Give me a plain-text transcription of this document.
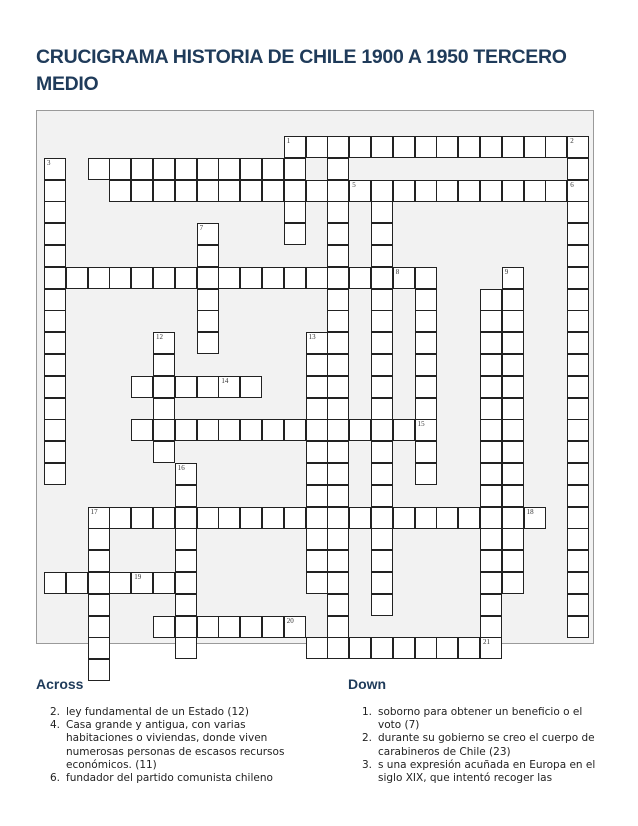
CRUCIGRAMA HISTORIA DE CHILE 1900 A 1950 TERCERO MEDIO
1	2
5	6
8
14
15
17	18
19
20
21
3
7
9
12	13
16
Across
2. ley fundamental de un Estado (12)
4. Casa grande y antigua, con varias habitaciones o viviendas, donde viven numerosas personas de escasos recursos económicos. (11)
6. fundador del partido comunista chileno
Down
1. soborno para obtener un beneficio o el voto (7)
2. durante su gobierno se creo el cuerpo de carabineros de Chile (23)
3. s una expresión acuñada en Europa en el siglo XIX, que intentó recoger las
